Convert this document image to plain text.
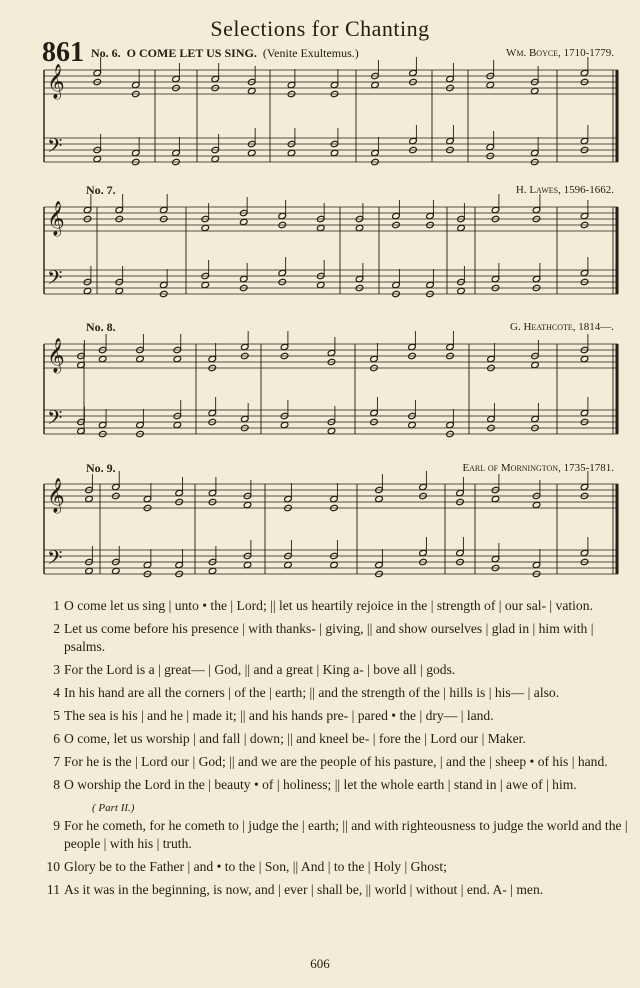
Selections for Chanting
861 No. 6. O COME LET US SING. (Venite Exultemus.)	Wm. Boyce, 1710-1779.
No. 7.	H. Lawes, 1596-1662.
No. 8.	G. Heathcote, 1814—.
No. 9.	Earl of Mornington, 1735-1781.
𝄞
𝄢
𝄞
𝄢
𝄞
𝄢
𝄞
𝄢
1 O come let us sing | unto • the | Lord; || let us heartily rejoice in the | strength of | our sal- | vation.
2 Let us come before his presence | with thanks- | giving, || and show ourselves | glad in | him with | psalms.
3 For the Lord is a | great— | God, || and a great | King a- | bove all | gods.
4 In his hand are all the corners | of the | earth; || and the strength of the | hills is | his— | also.
5 The sea is his | and he | made it; || and his hands pre- | pared • the | dry— | land.
6 O come, let us worship | and fall | down; || and kneel be- | fore the | Lord our | Maker.
7 For he is the | Lord our | God; || and we are the people of his pasture, | and the | sheep • of his | hand.
8 O worship the Lord in the | beauty • of | holiness; || let the whole earth | stand in | awe of | him.
( Part II.)
9 For he cometh, for he cometh to | judge the | earth; || and with righteousness to judge the world and the | people | with his | truth.
10 Glory be to the Father | and • to the | Son, || And | to the | Holy | Ghost;
11 As it was in the beginning, is now, and | ever | shall be, || world | without | end. A- | men.
606
